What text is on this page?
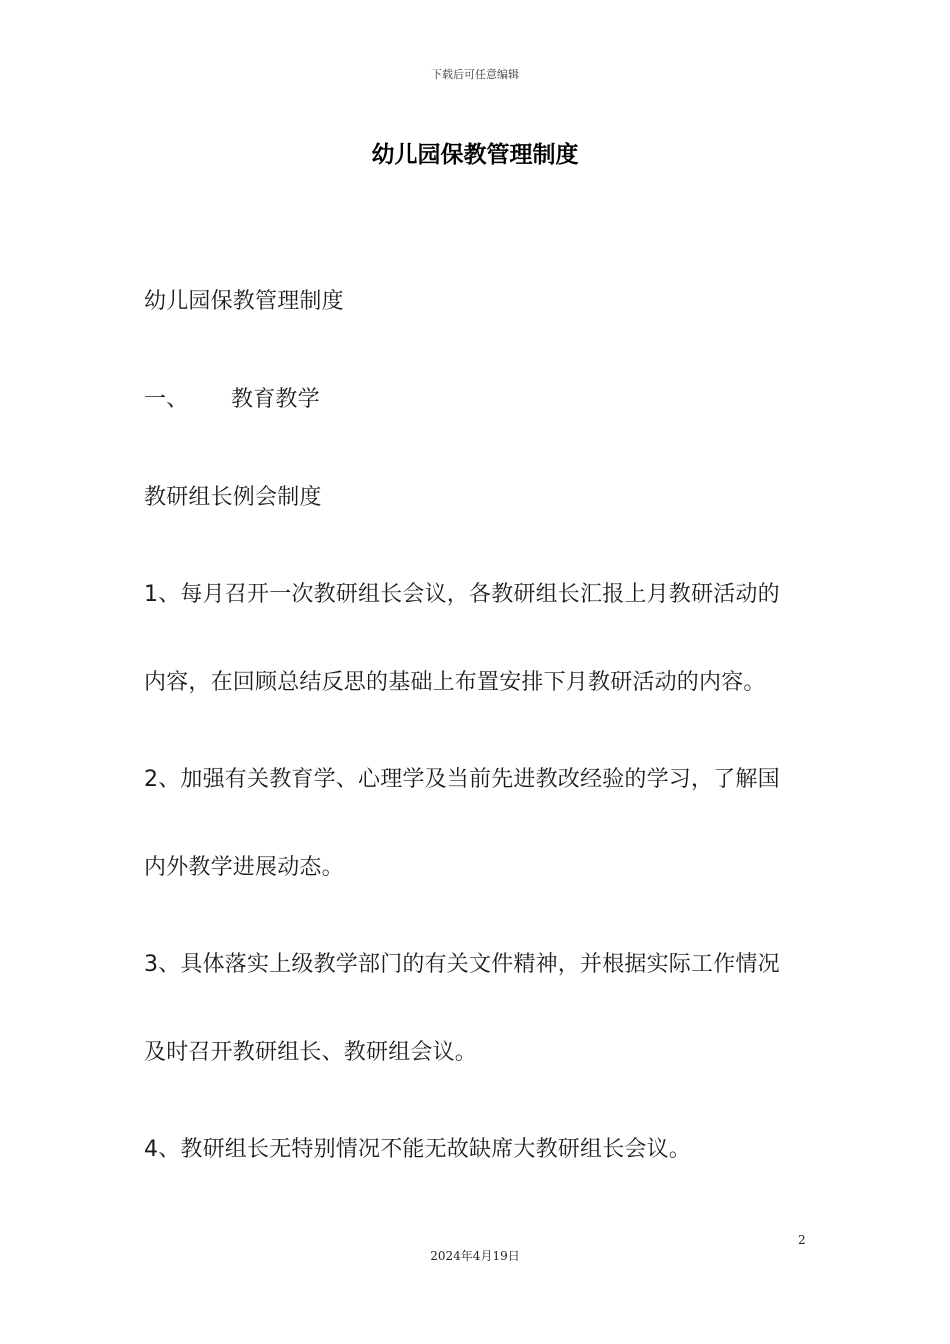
下载后可任意编辑
幼儿园保教管理制度
幼儿园保教管理制度
一、 教育教学
教研组长例会制度
1、每月召开一次教研组长会议，各教研组长汇报上月教研活动的
内容，在回顾总结反思的基础上布置安排下月教研活动的内容。
2、加强有关教育学、心理学及当前先进教改经验的学习，了解国
内外教学进展动态。
3、具体落实上级教学部门的有关文件精神，并根据实际工作情况
及时召开教研组长、教研组会议。
4、教研组长无特别情况不能无故缺席大教研组长会议。
2
2024年4月19日
